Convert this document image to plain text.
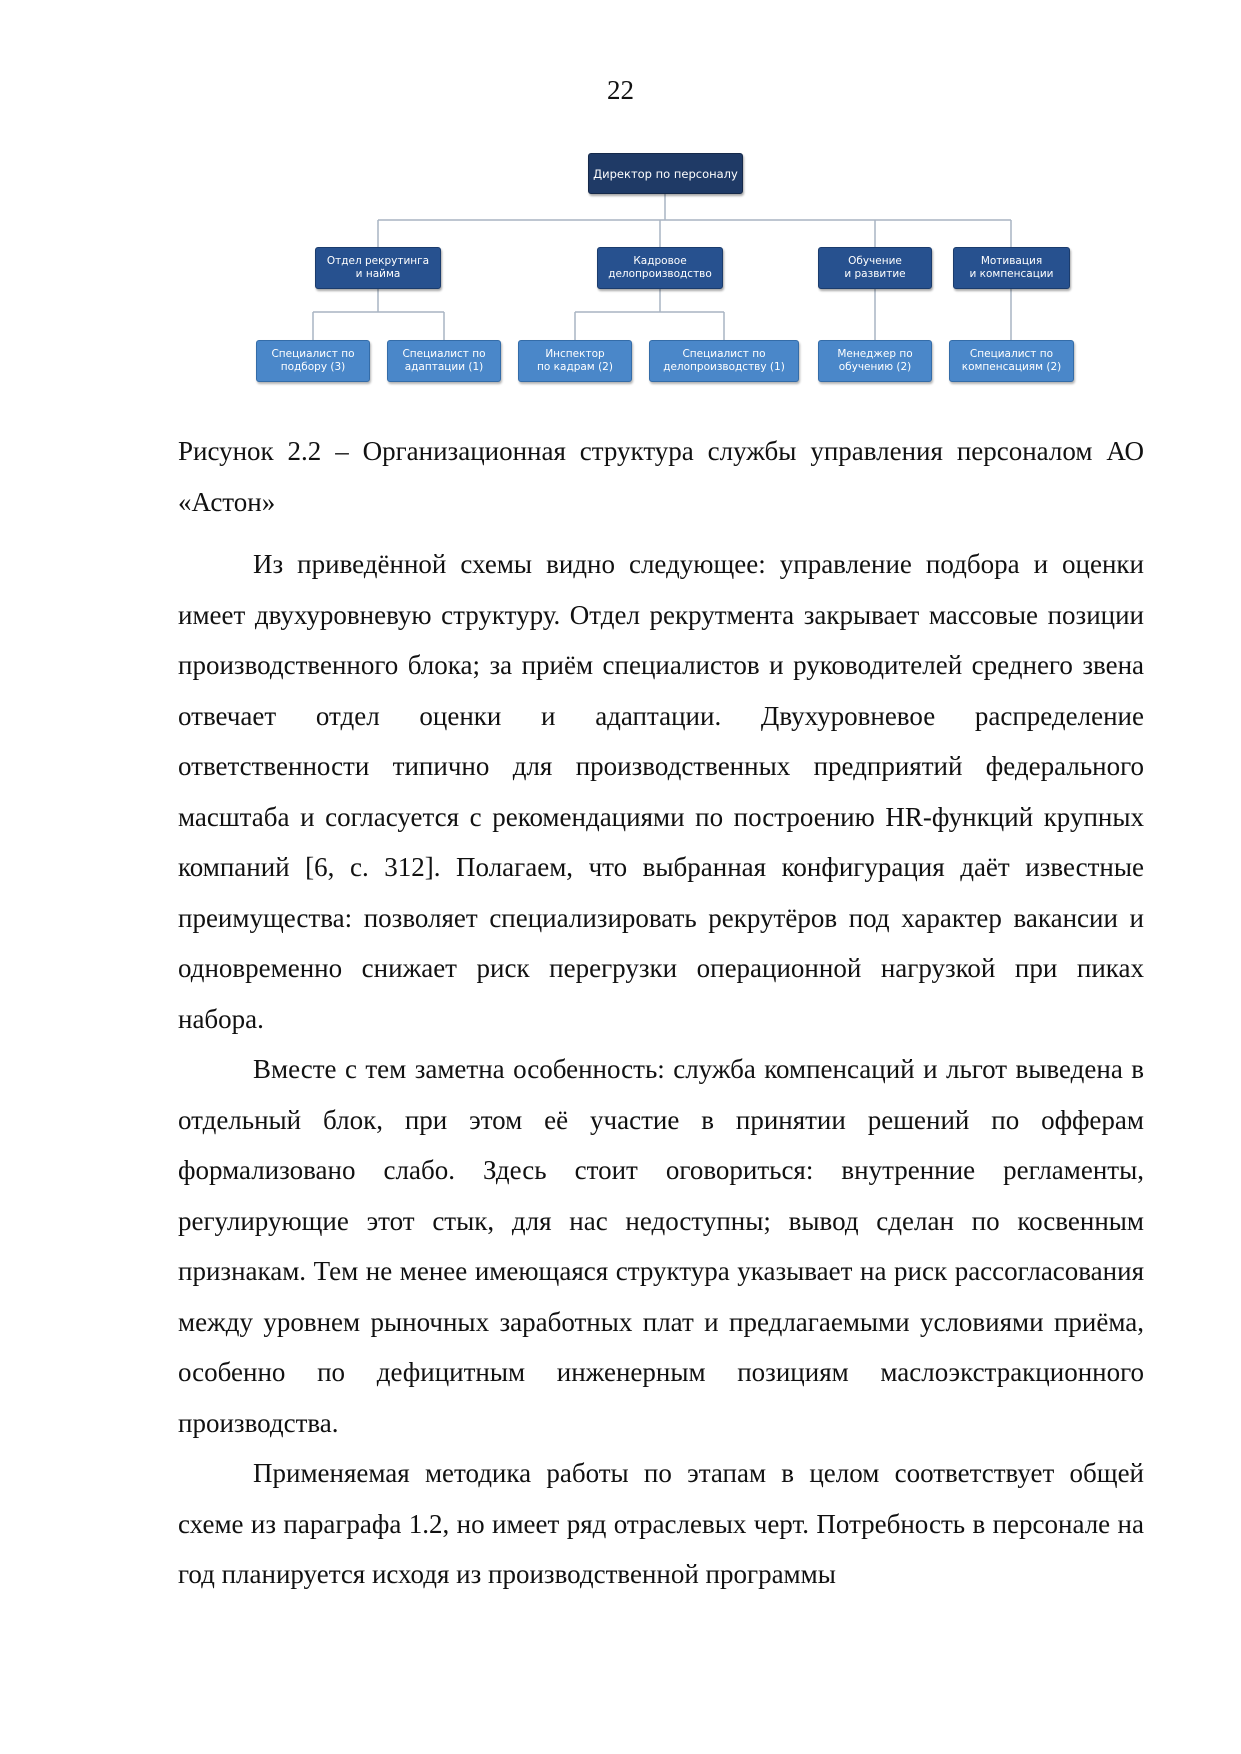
22
Директор по персоналу
Отдел рекрутинга
и найма
Кадровое
делопроизводство
Обучение
и развитие
Мотивация
и компенсации
Специалист по
подбору (3)
Специалист по
адаптации (1)
Инспектор
по кадрам (2)
Специалист по
делопроизводству (1)
Менеджер по
обучению (2)
Специалист по
компенсациям (2)
Рисунок 2.2 – Организационная структура службы управления персоналом АО «Астон»

Из приведённой схемы видно следующее: управление подбора и оценки имеет двухуровневую структуру. Отдел рекрутмента закрывает массовые позиции производственного блока; за приём специалистов и руководителей среднего звена отвечает отдел оценки и адаптации. Двухуровневое распределение ответственности типично для производственных предприятий федерального масштаба и согласуется с рекомендациями по построению HR-функций крупных компаний [6, с. 312]. Полагаем, что выбранная конфигурация даёт известные преимущества: позволяет специализировать рекрутёров под характер вакансии и одновременно снижает риск перегрузки операционной нагрузкой при пиках набора.

Вместе с тем заметна особенность: служба компенсаций и льгот выведена в отдельный блок, при этом её участие в принятии решений по офферам формализовано слабо. Здесь стоит оговориться: внутренние регламенты, регулирующие этот стык, для нас недоступны; вывод сделан по косвенным признакам. Тем не менее имеющаяся структура указывает на риск рассогласования между уровнем рыночных заработных плат и предлагаемыми условиями приёма, особенно по дефицитным инженерным позициям маслоэкстракционного производства.

Применяемая методика работы по этапам в целом соответствует общей схеме из параграфа 1.2, но имеет ряд отраслевых черт. Потребность в персонале на год планируется исходя из производственной программы
